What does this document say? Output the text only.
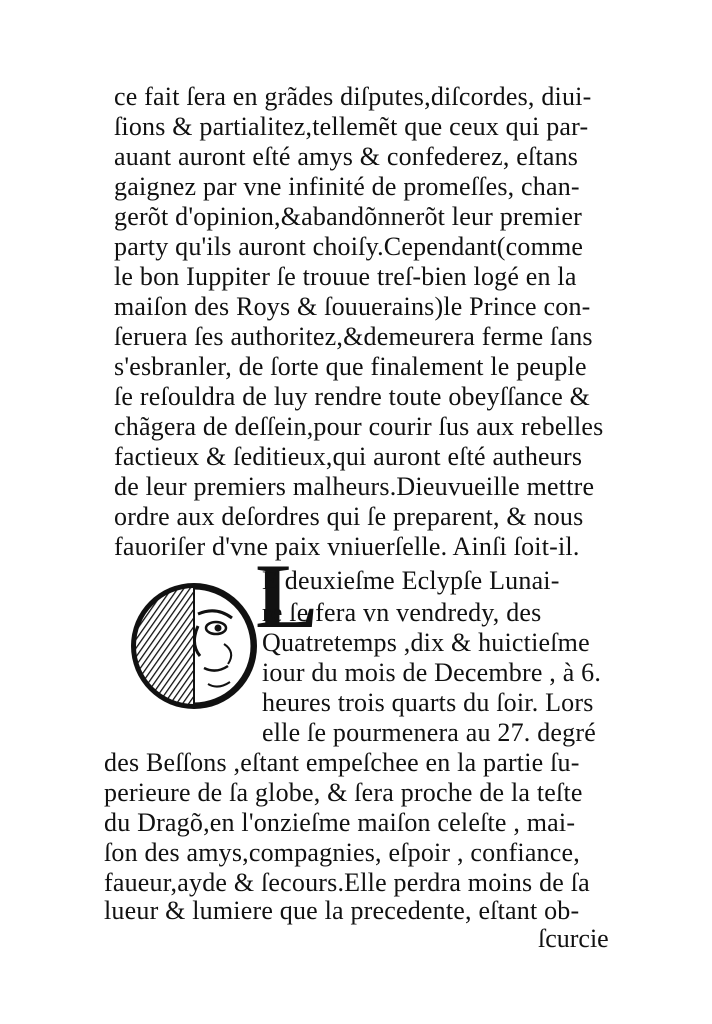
ce fait ſera en grãdes diſputes,diſcordes, diui-
ſions & partialitez,tellemẽt que ceux qui par-
auant auront eſté amys & confederez, eſtans
gaignez par vne infinité de promeſſes, chan-
gerõt d'opinion,&abandõnnerõt leur premier
party qu'ils auront choiſy.Cependant(comme
le bon Iuppiter ſe trouue treſ-bien logé en la
maiſon des Roys & ſouuerains)le Prince con-
ſeruera ſes authoritez,&demeurera ferme ſans
s'esbranler, de ſorte que finalement le peuple
ſe reſouldra de luy rendre toute obeyſſance &
chãgera de deſſein,pour courir ſus aux rebelles
factieux & ſeditieux,qui auront eſté autheurs
de leur premiers malheurs.Dieuvueille mettre
ordre aux deſordres qui ſe preparent, & nous
fauoriſer d'vne paix vniuerſelle. Ainſi ſoit-il.
L
E deuxieſme Eclypſe Lunai-
re ſe fera vn vendredy, des
Quatretemps ,dix & huictieſme
iour du mois de Decembre , à 6.
heures trois quarts du ſoir. Lors
elle ſe pourmenera au 27. degré
des Beſſons ,eſtant empeſchee en la partie ſu-
perieure de ſa globe, & ſera proche de la teſte
du Dragõ,en l'onzieſme maiſon celeſte , mai-
ſon des amys,compagnies, eſpoir , confiance,
faueur,ayde & ſecours.Elle perdra moins de ſa
lueur & lumiere que la precedente, eſtant ob-
ſcurcie
